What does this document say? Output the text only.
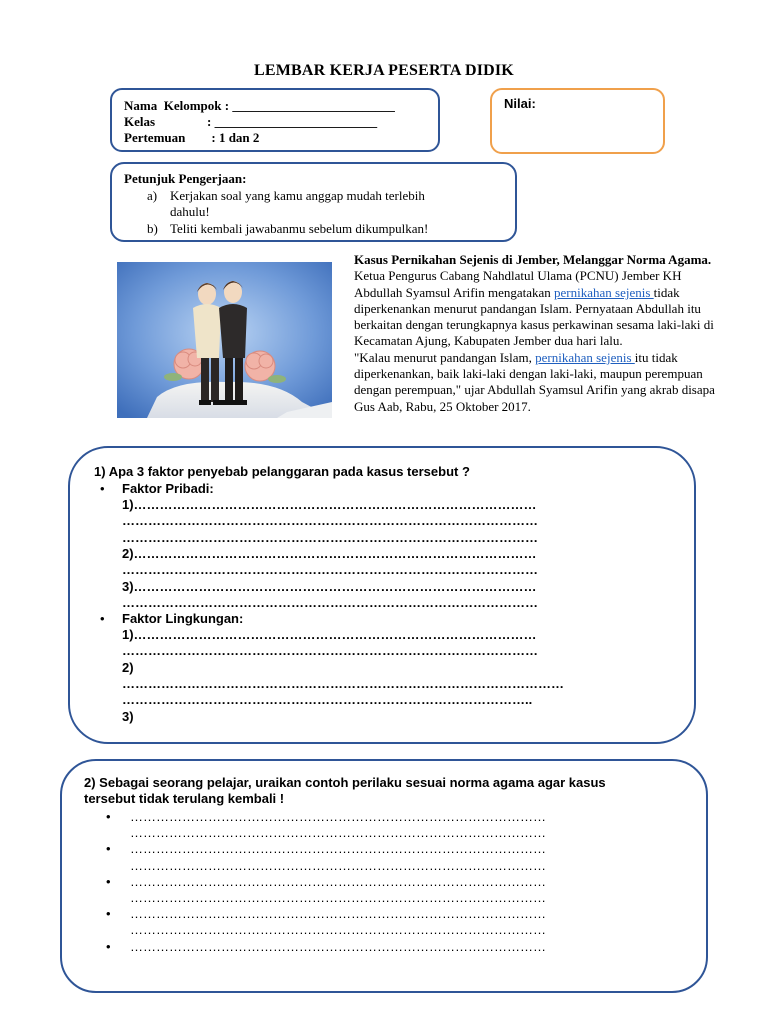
LEMBAR KERJA PESERTA DIDIK
Nama  Kelompok : _________________________
Kelas                : _________________________
Pertemuan        : 1 dan 2
Nilai:
Petunjuk Pengerjaan:
a) Kerjakan soal yang kamu anggap mudah terlebih
dahulu!
b) Teliti kembali jawabanmu sebelum dikumpulkan!
Kasus Pernikahan Sejenis di Jember, Melanggar Norma Agama.
Ketua Pengurus Cabang Nahdlatul Ulama (PCNU) Jember KH Abdullah Syamsul Arifin mengatakan pernikahan sejenis tidak diperkenankan menurut pandangan Islam. Pernyataan Abdullah itu berkaitan dengan terungkapnya kasus perkawinan sesama laki-laki di Kecamatan Ajung, Kabupaten Jember dua hari lalu.
"Kalau menurut pandangan Islam, pernikahan sejenis itu tidak diperkenankan, baik laki-laki dengan laki-laki, maupun perempuan dengan perempuan," ujar Abdullah Syamsul Arifin yang akrab disapa Gus Aab, Rabu, 25 Oktober 2017.
1) Apa 3 faktor penyebab pelanggaran pada kasus tersebut ?
• Faktor Pribadi:
1)…………………………………………………………………………………
……………………………………………………………………………………
……………………………………………………………………………………
2)…………………………………………………………………………………
……………………………………………………………………………………
3)…………………………………………………………………………………
……………………………………………………………………………………
• Faktor Lingkungan:
1)…………………………………………………………………………………
……………………………………………………………………………………
2)
…………………………………………………………………………………………
…………………………………………………………………………………..
3)
2) Sebagai seorang pelajar, uraikan contoh perilaku sesuai norma agama agar kasus
tersebut tidak terulang kembali !
• ……………………………………………………………………………………
……………………………………………………………………………………
• ……………………………………………………………………………………
……………………………………………………………………………………
• ……………………………………………………………………………………
……………………………………………………………………………………
• ……………………………………………………………………………………
……………………………………………………………………………………
• ……………………………………………………………………………………
